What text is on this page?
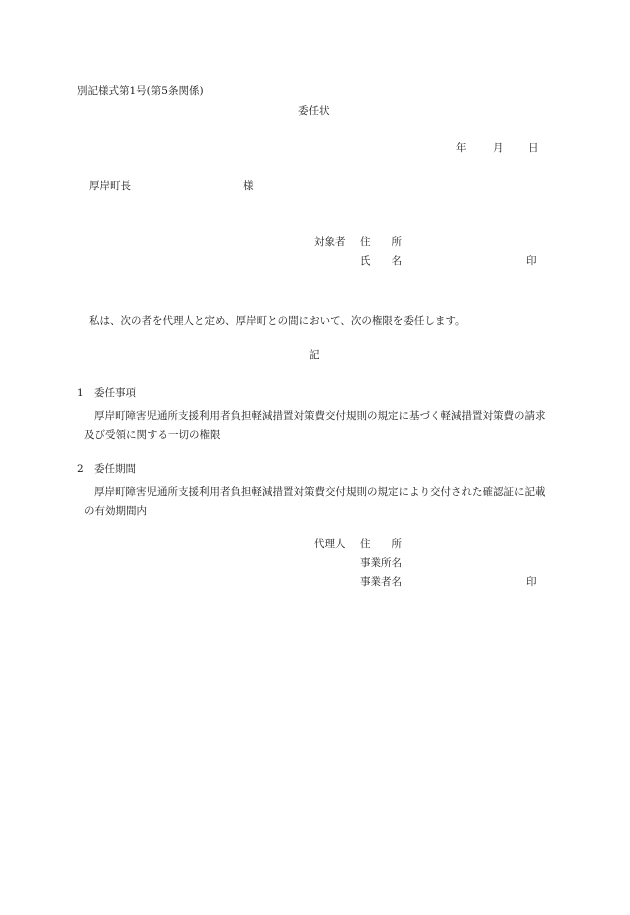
別記様式第1号(第5条関係)
委任状
年	月 日
厚岸町長	様
対象者 住　　所
氏　　名	印
私は、次の者を代理人と定め、厚岸町との間において、次の権限を委任します。
記
1 委任事項
厚岸町障害児通所支援利用者負担軽減措置対策費交付規則の規定に基づく軽減措置対策費の請求及び受領に関する一切の権限
2 委任期間
厚岸町障害児通所支援利用者負担軽減措置対策費交付規則の規定により交付された確認証に記載の有効期間内
代理人 住　　所
事業所名
事業者名	印
